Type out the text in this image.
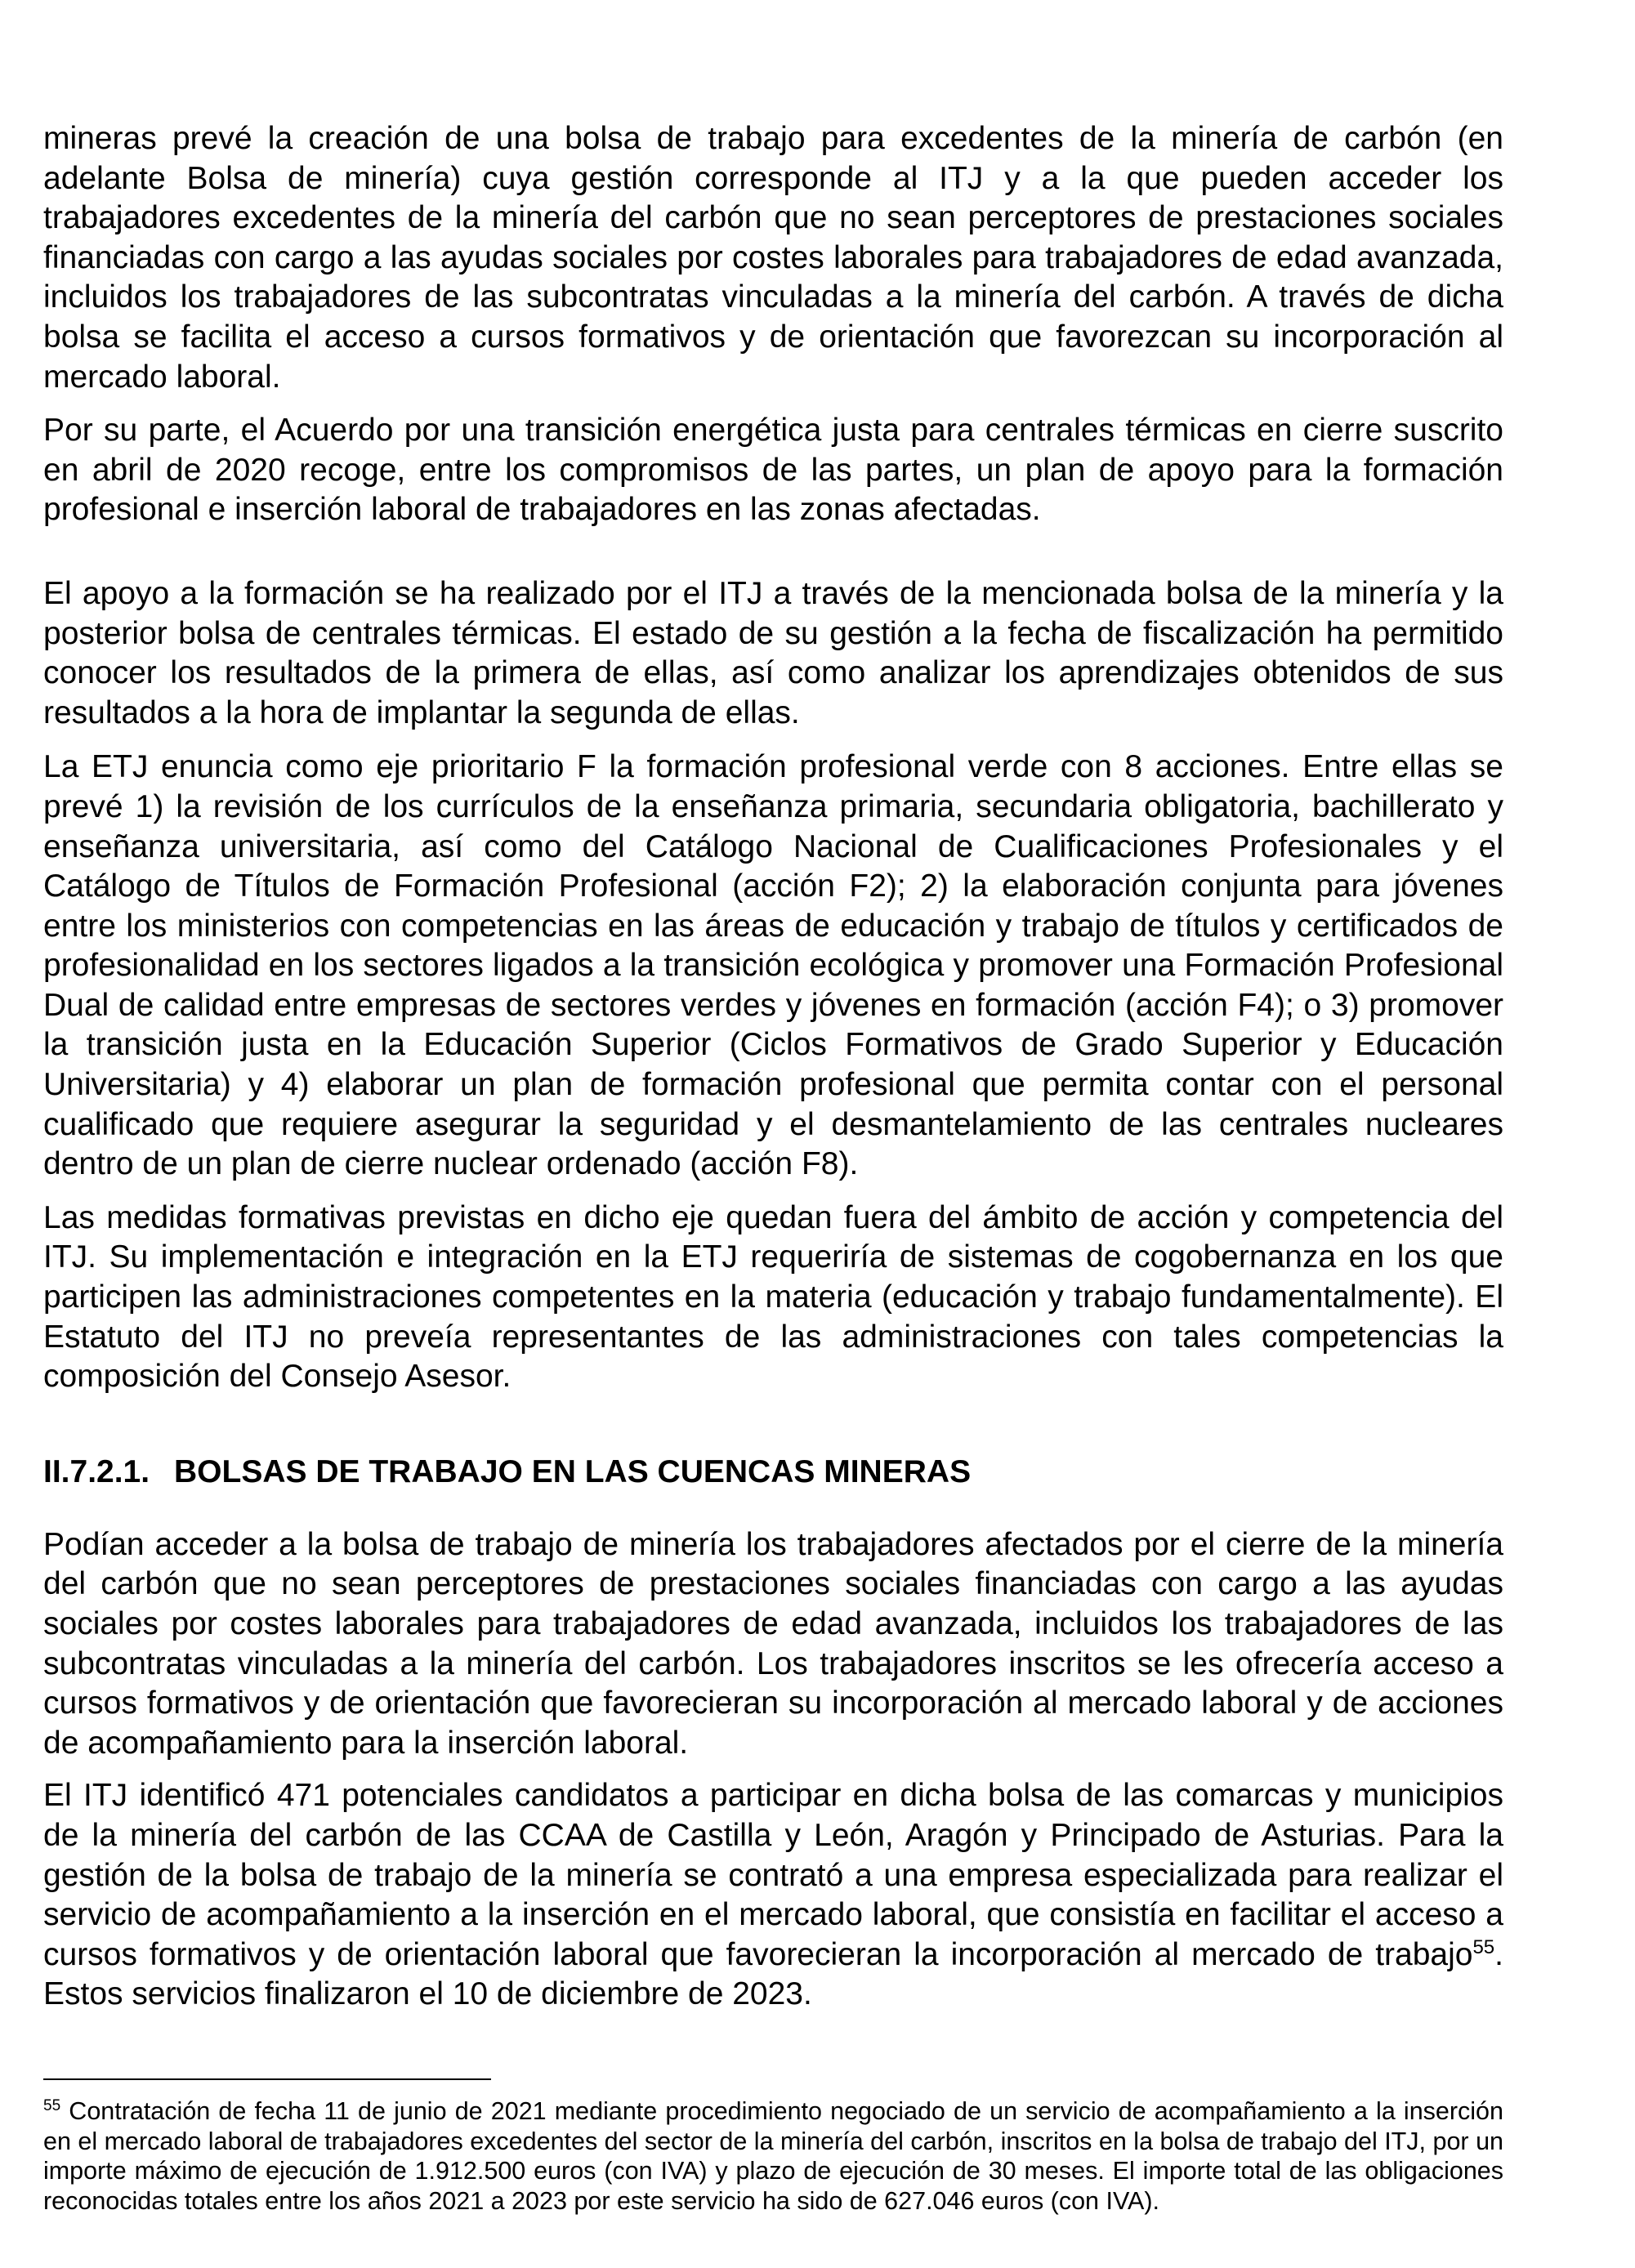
mineras prevé la creación de una bolsa de trabajo para excedentes de la minería de carbón (en adelante Bolsa de minería) cuya gestión corresponde al ITJ y a la que pueden acceder los trabajadores excedentes de la minería del carbón que no sean perceptores de prestaciones sociales financiadas con cargo a las ayudas sociales por costes laborales para trabajadores de edad avanzada, incluidos los trabajadores de las subcontratas vinculadas a la minería del carbón. A través de dicha bolsa se facilita el acceso a cursos formativos y de orientación que favorezcan su incorporación al mercado laboral.

Por su parte, el Acuerdo por una transición energética justa para centrales térmicas en cierre suscrito en abril de 2020 recoge, entre los compromisos de las partes, un plan de apoyo para la formación profesional e inserción laboral de trabajadores en las zonas afectadas.

El apoyo a la formación se ha realizado por el ITJ a través de la mencionada bolsa de la minería y la posterior bolsa de centrales térmicas. El estado de su gestión a la fecha de fiscalización ha permitido conocer los resultados de la primera de ellas, así como analizar los aprendizajes obtenidos de sus resultados a la hora de implantar la segunda de ellas.

La ETJ enuncia como eje prioritario F la formación profesional verde con 8 acciones. Entre ellas se prevé 1) la revisión de los currículos de la enseñanza primaria, secundaria obligatoria, bachillerato y enseñanza universitaria, así como del Catálogo Nacional de Cualificaciones Profesionales y el Catálogo de Títulos de Formación Profesional (acción F2); 2) la elaboración conjunta para jóvenes entre los ministerios con competencias en las áreas de educación y trabajo de títulos y certificados de profesionalidad en los sectores ligados a la transición ecológica y promover una Formación Profesional Dual de calidad entre empresas de sectores verdes y jóvenes en formación (acción F4); o 3) promover la transición justa en la Educación Superior (Ciclos Formativos de Grado Superior y Educación Universitaria) y 4) elaborar un plan de formación profesional que permita contar con el personal cualificado que requiere asegurar la seguridad y el desmantelamiento de las centrales nucleares dentro de un plan de cierre nuclear ordenado (acción F8).

Las medidas formativas previstas en dicho eje quedan fuera del ámbito de acción y competencia del ITJ. Su implementación e integración en la ETJ requeriría de sistemas de cogobernanza en los que participen las administraciones competentes en la materia (educación y trabajo fundamentalmente). El Estatuto del ITJ no preveía representantes de las administraciones con tales competencias la composición del Consejo Asesor.

II.7.2.1. BOLSAS DE TRABAJO EN LAS CUENCAS MINERAS

Podían acceder a la bolsa de trabajo de minería los trabajadores afectados por el cierre de la minería del carbón que no sean perceptores de prestaciones sociales financiadas con cargo a las ayudas sociales por costes laborales para trabajadores de edad avanzada, incluidos los trabajadores de las subcontratas vinculadas a la minería del carbón. Los trabajadores inscritos se les ofrecería acceso a cursos formativos y de orientación que favorecieran su incorporación al mercado laboral y de acciones de acompañamiento para la inserción laboral.

El ITJ identificó 471 potenciales candidatos a participar en dicha bolsa de las comarcas y municipios de la minería del carbón de las CCAA de Castilla y León, Aragón y Principado de Asturias. Para la gestión de la bolsa de trabajo de la minería se contrató a una empresa especializada para realizar el servicio de acompañamiento a la inserción en el mercado laboral, que consistía en facilitar el acceso a cursos formativos y de orientación laboral que favorecieran la incorporación al mercado de trabajo$^{55}$. Estos servicios finalizaron el 10 de diciembre de 2023.

$^{55}$ Contratación de fecha 11 de junio de 2021 mediante procedimiento negociado de un servicio de acompañamiento a la inserción en el mercado laboral de trabajadores excedentes del sector de la minería del carbón, inscritos en la bolsa de trabajo del ITJ, por un importe máximo de ejecución de 1.912.500 euros (con IVA) y plazo de ejecución de 30 meses. El importe total de las obligaciones reconocidas totales entre los años 2021 a 2023 por este servicio ha sido de 627.046 euros (con IVA).
